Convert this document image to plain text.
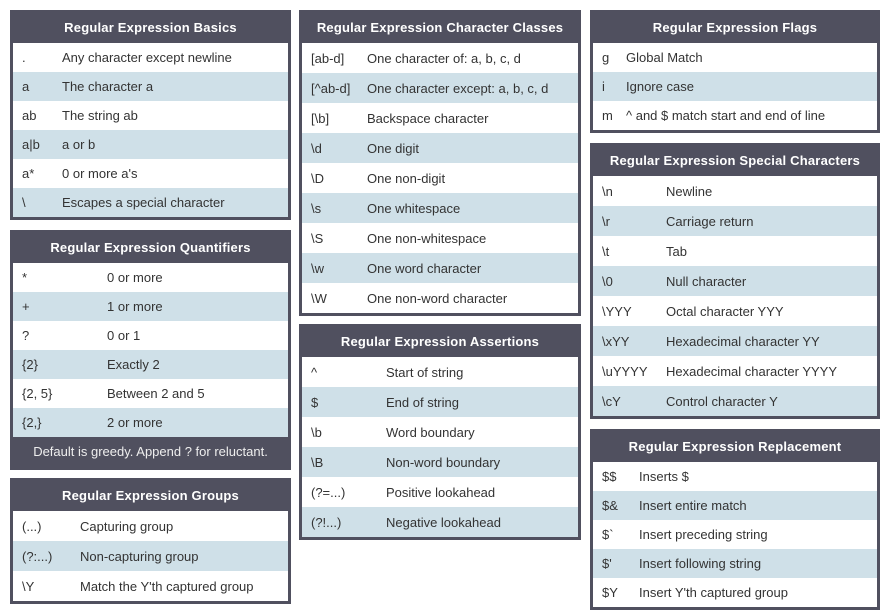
Regular Expression Basics
.	Any character except newline
a	The character a
ab	The string ab
a|b	a or b
a*	0 or more a's
\	Escapes a special character
Regular Expression Quantifiers
*	0 or more
+	1 or more
?	0 or 1
{2}	Exactly 2
{2, 5}	Between 2 and 5
{2,}	2 or more
Default is greedy. Append ? for reluctant.
Regular Expression Groups
(...)	Capturing group
(?:...)	Non-capturing group
\Y	Match the Y'th captured group
Regular Expression Character Classes
[ab-d]	One character of: a, b, c, d
[^ab-d]	One character except: a, b, c, d
[\b]	Backspace character
\d	One digit
\D	One non-digit
\s	One whitespace
\S	One non-whitespace
\w	One word character
\W	One non-word character
Regular Expression Assertions
^	Start of string
$	End of string
\b	Word boundary
\B	Non-word boundary
(?=...)	Positive lookahead
(?!...)	Negative lookahead
Regular Expression Flags
g	Global Match
i	Ignore case
m	^ and $ match start and end of line
Regular Expression Special Characters
\n	Newline
\r	Carriage return
\t	Tab
\0	Null character
\YYY	Octal character YYY
\xYY	Hexadecimal character YY
\uYYYY	Hexadecimal character YYYY
\cY	Control character Y
Regular Expression Replacement
$$	Inserts $
$&	Insert entire match
$`	Insert preceding string
$'	Insert following string
$Y	Insert Y'th captured group
